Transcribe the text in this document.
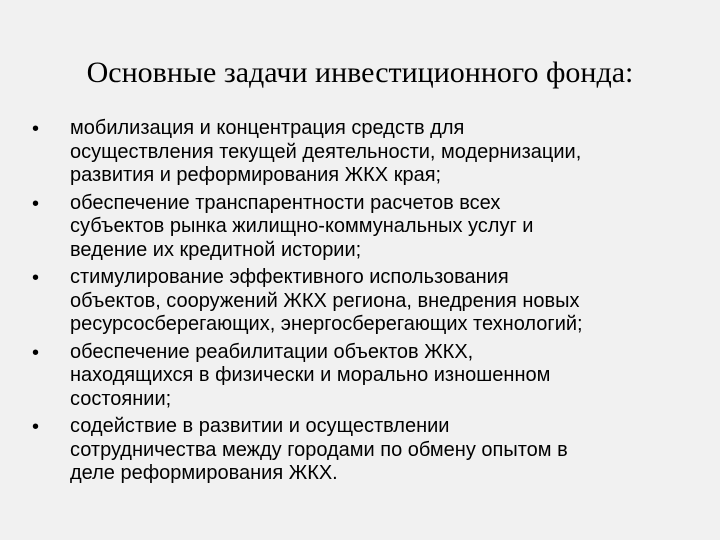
Основные задачи инвестиционного фонда:
• мобилизация и концентрация средств для
осуществления текущей деятельности, модернизации,
развития и реформирования ЖКХ края;
• обеспечение транспарентности расчетов всех
субъектов рынка жилищно-коммунальных услуг и
ведение их кредитной истории;
• стимулирование эффективного использования
объектов, сооружений ЖКХ региона, внедрения новых
ресурсосберегающих, энергосберегающих технологий;
• обеспечение реабилитации объектов ЖКХ,
находящихся в физически и морально изношенном
состоянии;
• содействие в развитии и осуществлении
сотрудничества между городами по обмену опытом в
деле реформирования ЖКХ.
